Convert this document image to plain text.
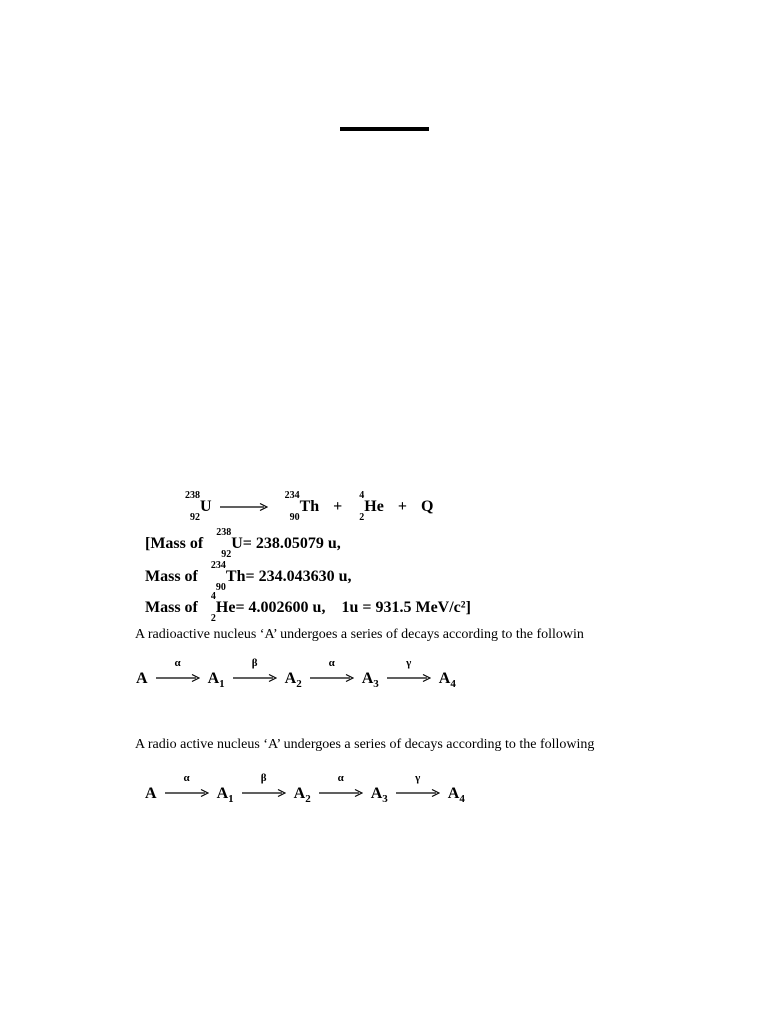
238
92
U →
234
90
Th +
4
2
He + Q
[Mass of
238
92
U= 238.05079 u,
Mass of
234
90
Th= 234.043630 u,
Mass of
4
2
He= 4.002600 u, 1u = 931.5 MeV/c²]
A radioactive nucleus ‘A’ undergoes a series of decays according to the followin
A
α
$A_1$
β
$A_2$
α
$A_3$
γ
$A_4$
A radio active nucleus ‘A’ undergoes a series of decays according to the following
A
α
$A_1$
β
$A_2$
α
$A_3$
γ
$A_4$
